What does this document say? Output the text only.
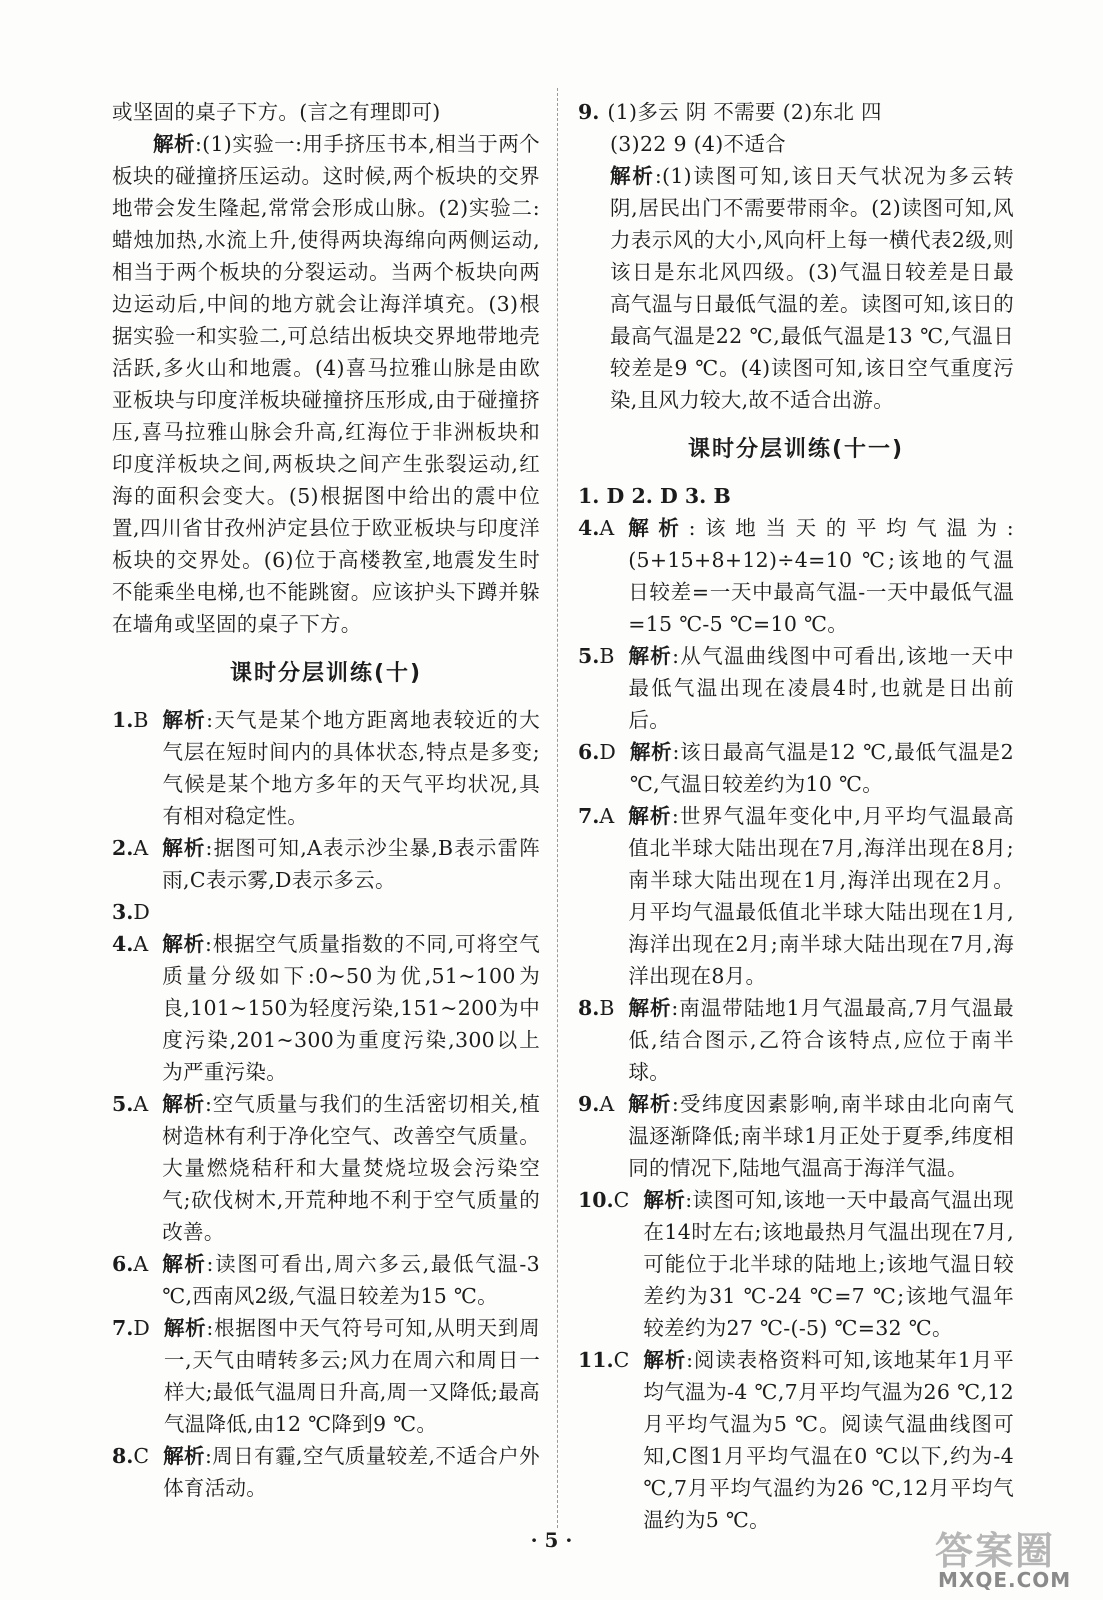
或坚固的桌子下方。(言之有理即可)

解析:(1)实验一:用手挤压书本,相当于两个板块的碰撞挤压运动。这时候,两个板块的交界地带会发生隆起,常常会形成山脉。(2)实验二:蜡烛加热,水流上升,使得两块海绵向两侧运动,相当于两个板块的分裂运动。当两个板块向两边运动后,中间的地方就会让海洋填充。(3)根据实验一和实验二,可总结出板块交界地带地壳活跃,多火山和地震。(4)喜马拉雅山脉是由欧亚板块与印度洋板块碰撞挤压形成,由于碰撞挤压,喜马拉雅山脉会升高,红海位于非洲板块和印度洋板块之间,两板块之间产生张裂运动,红海的面积会变大。(5)根据图中给出的震中位置,四川省甘孜州泸定县位于欧亚板块与印度洋板块的交界处。(6)位于高楼教室,地震发生时不能乘坐电梯,也不能跳窗。应该护头下蹲并躲在墙角或坚固的桌子下方。

课时分层训练(十)
1.B 解析:天气是某个地方距离地表较近的大气层在短时间内的具体状态,特点是多变;气候是某个地方多年的天气平均状况,具有相对稳定性。
2.A 解析:据图可知,A表示沙尘暴,B表示雷阵雨,C表示雾,D表示多云。
3.D
4.A 解析:根据空气质量指数的不同,可将空气质量分级如下:0~50为优,51~100为良,101~150为轻度污染,151~200为中度污染,201~300为重度污染,300以上为严重污染。
5.A 解析:空气质量与我们的生活密切相关,植树造林有利于净化空气、改善空气质量。大量燃烧秸秆和大量焚烧垃圾会污染空气;砍伐树木,开荒种地不利于空气质量的改善。
6.A 解析:读图可看出,周六多云,最低气温-3 ℃,西南风2级,气温日较差为15 ℃。
7.D 解析:根据图中天气符号可知,从明天到周一,天气由晴转多云;风力在周六和周日一样大;最低气温周日升高,周一又降低;最高气温降低,由12 ℃降到9 ℃。
8.C 解析:周日有霾,空气质量较差,不适合户外体育活动。
9. (1)多云 阴 不需要 (2)东北 四

(3)22 9 (4)不适合

解析:(1)读图可知,该日天气状况为多云转阴,居民出门不需要带雨伞。(2)读图可知,风力表示风的大小,风向杆上每一横代表2级,则该日是东北风四级。(3)气温日较差是日最高气温与日最低气温的差。读图可知,该日的最高气温是22 ℃,最低气温是13 ℃,气温日较差是9 ℃。(4)读图可知,该日空气重度污染,且风力较大,故不适合出游。

课时分层训练(十一)

1. D 2. D 3. B

4.A 解析:该地当天的平均气温为:(5+15+8+12)÷4=10 ℃;该地的气温日较差=一天中最高气温-一天中最低气温=15 ℃-5 ℃=10 ℃。
5.B 解析:从气温曲线图中可看出,该地一天中最低气温出现在凌晨4时,也就是日出前后。
6.D 解析:该日最高气温是12 ℃,最低气温是2 ℃,气温日较差约为10 ℃。
7.A 解析:世界气温年变化中,月平均气温最高值北半球大陆出现在7月,海洋出现在8月;南半球大陆出现在1月,海洋出现在2月。月平均气温最低值北半球大陆出现在1月,海洋出现在2月;南半球大陆出现在7月,海洋出现在8月。
8.B 解析:南温带陆地1月气温最高,7月气温最低,结合图示,乙符合该特点,应位于南半球。
9.A 解析:受纬度因素影响,南半球由北向南气温逐渐降低;南半球1月正处于夏季,纬度相同的情况下,陆地气温高于海洋气温。
10.C 解析:读图可知,该地一天中最高气温出现在14时左右;该地最热月气温出现在7月,可能位于北半球的陆地上;该地气温日较差约为31 ℃-24 ℃=7 ℃;该地气温年较差约为27 ℃-(-5) ℃=32 ℃。
11.C 解析:阅读表格资料可知,该地某年1月平均气温为-4 ℃,7月平均气温为26 ℃,12月平均气温为5 ℃。阅读气温曲线图可知,C图1月平均气温在0 ℃以下,约为-4 ℃,7月平均气温约为26 ℃,12月平均气温约为5 ℃。
· 5 ·	答案圈
MXQE.COM
